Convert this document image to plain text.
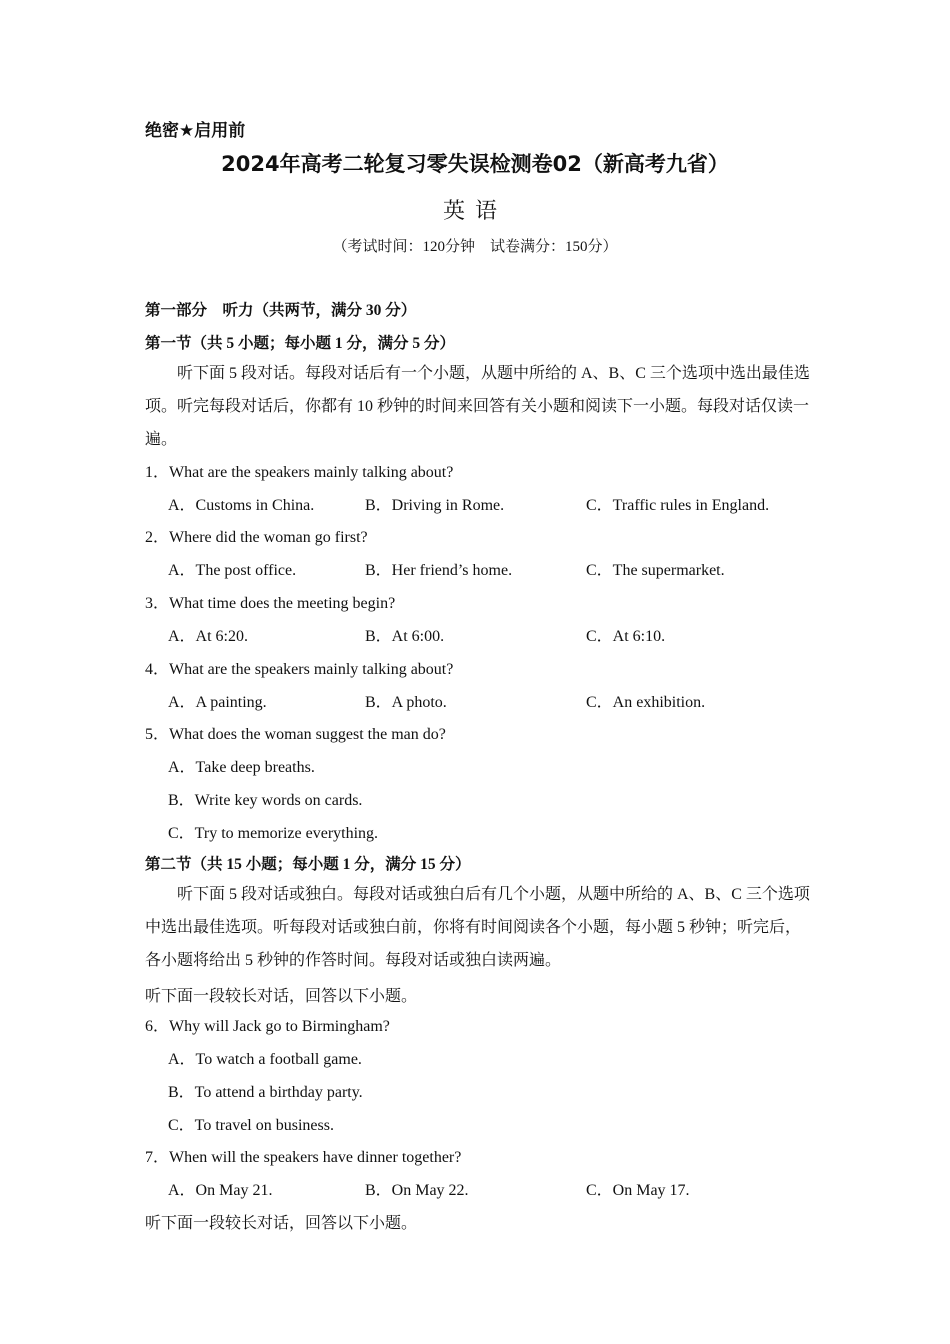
绝密★启用前
2024年高考二轮复习零失误检测卷02（新高考九省）
英语
（考试时间：120分钟　试卷满分：150分）
第一部分　听力（共两节，满分 30 分）
第一节（共 5 小题；每小题 1 分，满分 5 分）
听下面 5 段对话。每段对话后有一个小题，从题中所给的 A、B、C 三个选项中选出最佳选项。听完每段对话后，你都有 10 秒钟的时间来回答有关小题和阅读下一小题。每段对话仅读一遍。
1．What are the speakers mainly talking about?
A．Customs in China.	B．Driving in Rome.	C．Traffic rules in England.
2．Where did the woman go first?
A．The post office.	B．Her friend’s home.	C．The supermarket.
3．What time does the meeting begin?
A．At 6:20.	B．At 6:00.	C．At 6:10.
4．What are the speakers mainly talking about?
A．A painting.	B．A photo.	C．An exhibition.
5．What does the woman suggest the man do?
A．Take deep breaths.
B．Write key words on cards.
C．Try to memorize everything.
第二节（共 15 小题；每小题 1 分，满分 15 分）
听下面 5 段对话或独白。每段对话或独白后有几个小题，从题中所给的 A、B、C 三个选项中选出最佳选项。听每段对话或独白前，你将有时间阅读各个小题，每小题 5 秒钟；听完后，各小题将给出 5 秒钟的作答时间。每段对话或独白读两遍。
听下面一段较长对话，回答以下小题。
6．Why will Jack go to Birmingham?
A．To watch a football game.
B．To attend a birthday party.
C．To travel on business.
7．When will the speakers have dinner together?
A．On May 21.	B．On May 22.	C．On May 17.
听下面一段较长对话，回答以下小题。
